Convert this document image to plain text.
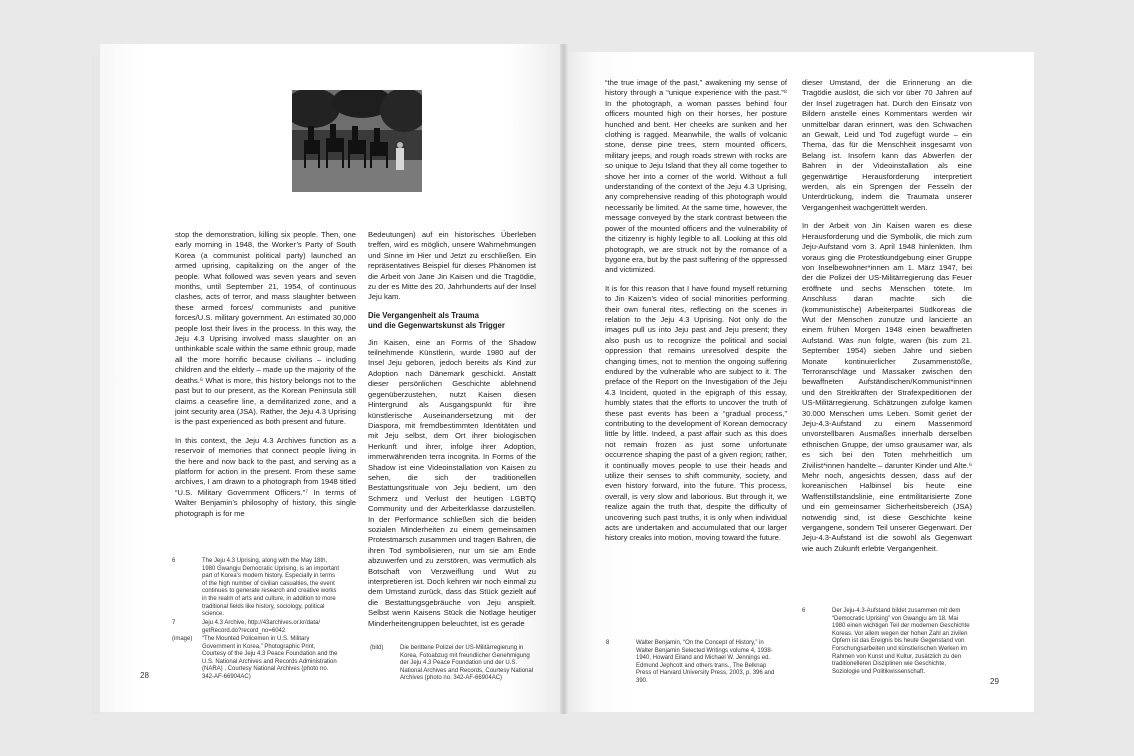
stop the demonstration, killing six people. Then, one early morning in 1948, the Worker’s Party of South Korea (a communist political party) launched an armed uprising, capitalizing on the anger of the people. What followed was seven years and seven months, until September 21, 1954, of continuous clashes, acts of terror, and mass slaughter between these armed forces/ communists and punitive forces/U.S. military government. An estimated 30,000 people lost their lives in the process. In this way, the Jeju 4.3 Uprising involved mass slaughter on an unthinkable scale within the same ethnic group, made all the more horrific because civilians – including children and the elderly – made up the majority of the deaths.⁶ What is more, this history belongs not to the past but to our present, as the Korean Peninsula still claims a ceasefire line, a demilitarized zone, and a joint security area (JSA). Rather, the Jeju 4.3 Uprising is the past experienced as both present and future.

In this context, the Jeju 4.3 Archives function as a reservoir of memories that connect people living in the here and now back to the past, and serving as a platform for action in the present. From these same archives, I am drawn to a photograph from 1948 titled “U.S. Military Government Officers.”⁷ In terms of Walter Benjamin’s philosophy of history, this single photograph is for me

Bedeutungen) auf ein historisches Überleben treffen, wird es möglich, unsere Wahrnehmungen und Sinne im Hier und Jetzt zu erschließen. Ein repräsentatives Beispiel für dieses Phänomen ist die Arbeit von Jane Jin Kaisen und die Tragödie, zu der es Mitte des 20. Jahrhunderts auf der Insel Jeju kam.

Die Vergangenheit als Trauma
und die Gegenwartskunst als Trigger

Jin Kaisen, eine an Forms of the Shadow teilnehmende Künstlerin, wurde 1980 auf der Insel Jeju geboren, jedoch bereits als Kind zur Adoption nach Dänemark geschickt. Anstatt dieser persönlichen Geschichte ablehnend gegenüberzustehen, nutzt Kaisen diesen Hintergrund als Ausgangspunkt für ihre künstlerische Auseinandersetzung mit der Diaspora, mit fremdbestimmten Identitäten und mit Jeju selbst, dem Ort ihrer biologischen Herkunft und ihrer, infolge ihrer Adoption, immerwährenden terra incognita. In Forms of the Shadow ist eine Videoinstallation von Kaisen zu sehen, die sich der traditionellen Bestattungsrituale von Jeju bedient, um den Schmerz und Verlust der heutigen LGBTQ Community und der Arbeiterklasse darzustellen. In der Performance schließen sich die beiden sozialen Minderheiten zu einem gemeinsamen Protestmarsch zusammen und tragen Bahren, die ihren Tod symbolisieren, nur um sie am Ende abzuwerfen und zu zerstören, was vermutlich als Botschaft von Verzweiflung und Wut zu interpretieren ist. Doch kehren wir noch einmal zu dem Umstand zurück, dass das Stück gezielt auf die Bestattungsgebräuche von Jeju anspielt. Selbst wenn Kaisens Stück die Notlage heutiger Minderheitengruppen beleuchtet, ist es gerade

6	The Jeju 4.3 Uprising, along with the May 18th, 1980 Gwangju Democratic Uprising, is an important part of Korea’s modern history. Especially in terms of the high number of civilian casualties, the event continues to generate research and creative works in the realm of arts and culture, in addition to more traditional fields like history, sociology, political science.
7	Jeju 4.3 Archive, http://43archives.or.kr/data/ getRecord.do?record_no=6042
(image) “The Mounted Policemen in U.S. Military Government in Korea,” Photographic Print, Courtesy of the Jeju 4.3 Peace Foundation and the U.S. National Archives and Records Administration (NARA) , Courtesy National Archives (photo no. 342-AF-66904AC)
(bild)	Die berittene Polizei der US-Militärregierung in Korea, Fotoabzug mit freundlicher Genehmigung der Jeju 4.3 Peace Foundation und der U.S. National Archives and Records, Courtesy National Archives (photo no. 342-AF-66904AC)
28

“the true image of the past,” awakening my sense of history through a “unique experience with the past.”⁸ In the photograph, a woman passes behind four officers mounted high on their horses, her posture hunched and bent. Her cheeks are sunken and her clothing is ragged. Meanwhile, the walls of volcanic stone, dense pine trees, stern mounted officers, military jeeps, and rough roads strewn with rocks are so unique to Jeju Island that they all come together to shove her into a corner of the world. Without a full understanding of the context of the Jeju 4.3 Uprising, any comprehensive reading of this photograph would necessarily be limited. At the same time, however, the message conveyed by the stark contrast between the power of the mounted officers and the vulnerability of the citizenry is highly legible to all. Looking at this old photograph, we are struck not by the romance of a bygone era, but by the past suffering of the oppressed and victimized.

It is for this reason that I have found myself returning to Jin Kaizen’s video of social minorities performing their own funeral rites, reflecting on the scenes in relation to the Jeju 4.3 Uprising. Not only do the images pull us into Jeju past and Jeju present; they also push us to recognize the political and social oppression that remains unresolved despite the changing times, not to mention the ongoing suffering endured by the vulnerable who are subject to it. The preface of the Report on the Investigation of the Jeju 4.3 Incident, quoted in the epigraph of this essay, humbly states that the efforts to uncover the truth of these past events has been a “gradual process,” contributing to the development of Korean democracy little by little. Indeed, a past affair such as this does not remain frozen as just some unfortunate occurrence shaping the past of a given region; rather, it continually moves people to use their heads and utilize their senses to shift community, society, and even history forward, into the future. This process, overall, is very slow and laborious. But through it, we realize again the truth that, despite the difficulty of uncovering such past truths, it is only when individual acts are undertaken and accumulated that our larger history creaks into motion, moving toward the future.

dieser Umstand, der die Erinnerung an die Tragödie auslöst, die sich vor über 70 Jahren auf der Insel zugetragen hat. Durch den Einsatz von Bildern anstelle eines Kommentars werden wir unmittelbar daran erinnert, was den Schwachen an Gewalt, Leid und Tod zugefügt wurde – ein Thema, das für die Menschheit insgesamt von Belang ist. Insofern kann das Abwerfen der Bahren in der Videoinstallation als eine gegenwärtige Herausforderung interpretiert werden, als ein Sprengen der Fesseln der Unterdrückung, indem die Traumata unserer Vergangenheit wachgerüttelt werden.

In der Arbeit von Jin Kaisen waren es diese Herausforderung und die Symbolik, die mich zum Jeju-Aufstand vom 3. April 1948 hinlenkten. Ihm voraus ging die Protestkundgebung einer Gruppe von Inselbewohner*innen am 1. März 1947, bei der die Polizei der US-Militärregierung das Feuer eröffnete und sechs Menschen tötete. Im Anschluss daran machte sich die (kommunistische) Arbeiterpartei Südkoreas die Wut der Menschen zunutze und lancierte an einem frühen Morgen 1948 einen bewaffneten Aufstand. Was nun folgte, waren (bis zum 21. September 1954) sieben Jahre und sieben Monate kontinuierlicher Zusammenstöße, Terroranschläge und Massaker zwischen den bewaffneten Aufständischen/Kommunist*innen und den Streitkräften der Strafexpeditionen der US-Militärregierung. Schätzungen zufolge kamen 30.000 Menschen ums Leben. Somit geriet der Jeju-4.3-Aufstand zu einem Massenmord unvorstellbaren Ausmaßes innerhalb derselben ethnischen Gruppe, der umso grausamer war, als es sich bei den Toten mehrheitlich um Zivilist*innen handelte – darunter Kinder und Alte.⁶ Mehr noch, angesichts dessen, dass auf der koreanischen Halbinsel bis heute eine Waffenstillstandslinie, eine entmilitarisierte Zone und ein gemeinsamer Sicherheitsbereich (JSA) notwendig sind, ist diese Geschichte keine vergangene, sondern Teil unserer Gegenwart. Der Jeju-4.3-Aufstand ist die sowohl als Gegenwart wie auch Zukunft erlebte Vergangenheit.

8	Walter Benjamin, “On the Concept of History,” in Walter Benjamin Selected Writings volume 4, 1938-1940, Howard Eiland and Michael W. Jennings ed. Edmund Jephcott and others trans., The Belknap Press of Harvard University Press, 2003, p. 396 and 390.
6	Der Jeju-4.3-Aufstand bildet zusammen mit dem “Democratic Uprising” von Gwangju am 18. Mai 1980 einen wichtigen Teil der modernen Geschichte Koreas. Vor allem wegen der hohen Zahl an zivilen Opfern ist das Ereignis bis heute Gegenstand von Forschungsarbeiten und künstlerischen Werken im Rahmen von Kunst und Kultur, zusätzlich zu den traditionelleren Disziplinen wie Geschichte, Soziologie und Politikwissenschaft.
29
